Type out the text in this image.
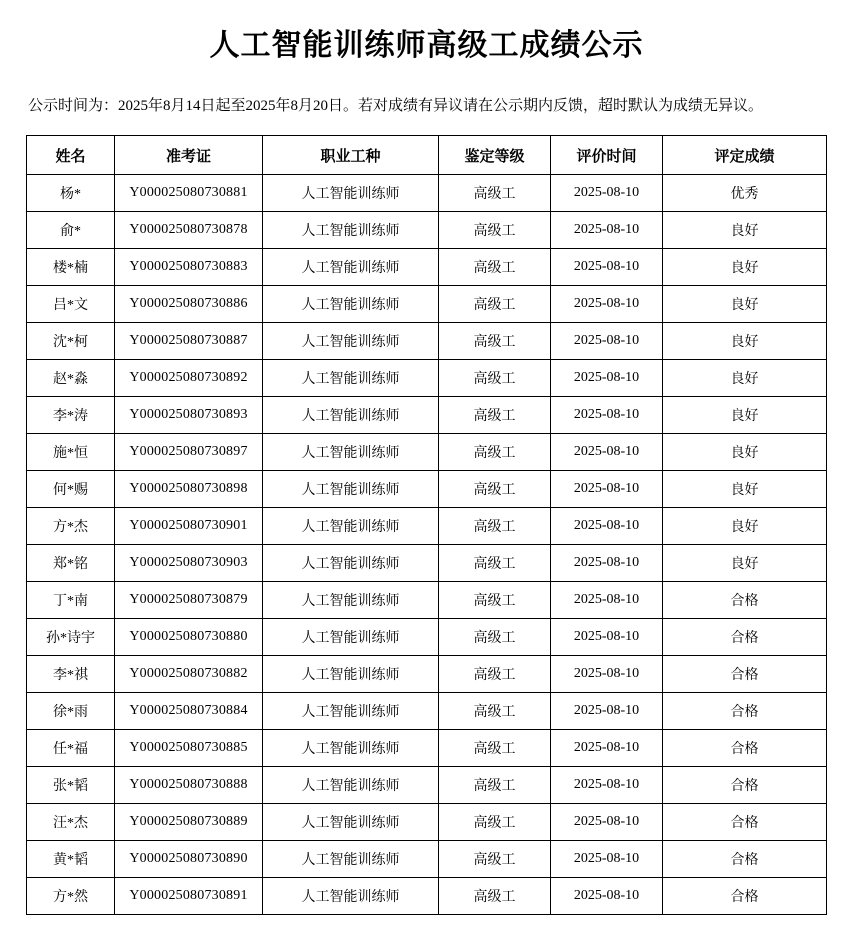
人工智能训练师高级工成绩公示

公示时间为：2025年8月14日起至2025年8月20日。若对成绩有异议请在公示期内反馈，超时默认为成绩无异议。

姓名	准考证	职业工种	鉴定等级	评价时间	评定成绩
杨*	Y000025080730881	人工智能训练师	高级工	2025-08-10	优秀
俞*	Y000025080730878	人工智能训练师	高级工	2025-08-10	良好
楼*楠	Y000025080730883	人工智能训练师	高级工	2025-08-10	良好
吕*文	Y000025080730886	人工智能训练师	高级工	2025-08-10	良好
沈*柯	Y000025080730887	人工智能训练师	高级工	2025-08-10	良好
赵*淼	Y000025080730892	人工智能训练师	高级工	2025-08-10	良好
李*涛	Y000025080730893	人工智能训练师	高级工	2025-08-10	良好
施*恒	Y000025080730897	人工智能训练师	高级工	2025-08-10	良好
何*赐	Y000025080730898	人工智能训练师	高级工	2025-08-10	良好
方*杰	Y000025080730901	人工智能训练师	高级工	2025-08-10	良好
郑*铭	Y000025080730903	人工智能训练师	高级工	2025-08-10	良好
丁*南	Y000025080730879	人工智能训练师	高级工	2025-08-10	合格
孙*诗宇	Y000025080730880	人工智能训练师	高级工	2025-08-10	合格
李*祺	Y000025080730882	人工智能训练师	高级工	2025-08-10	合格
徐*雨	Y000025080730884	人工智能训练师	高级工	2025-08-10	合格
任*福	Y000025080730885	人工智能训练师	高级工	2025-08-10	合格
张*韬	Y000025080730888	人工智能训练师	高级工	2025-08-10	合格
汪*杰	Y000025080730889	人工智能训练师	高级工	2025-08-10	合格
黄*韬	Y000025080730890	人工智能训练师	高级工	2025-08-10	合格
方*然	Y000025080730891	人工智能训练师	高级工	2025-08-10	合格
